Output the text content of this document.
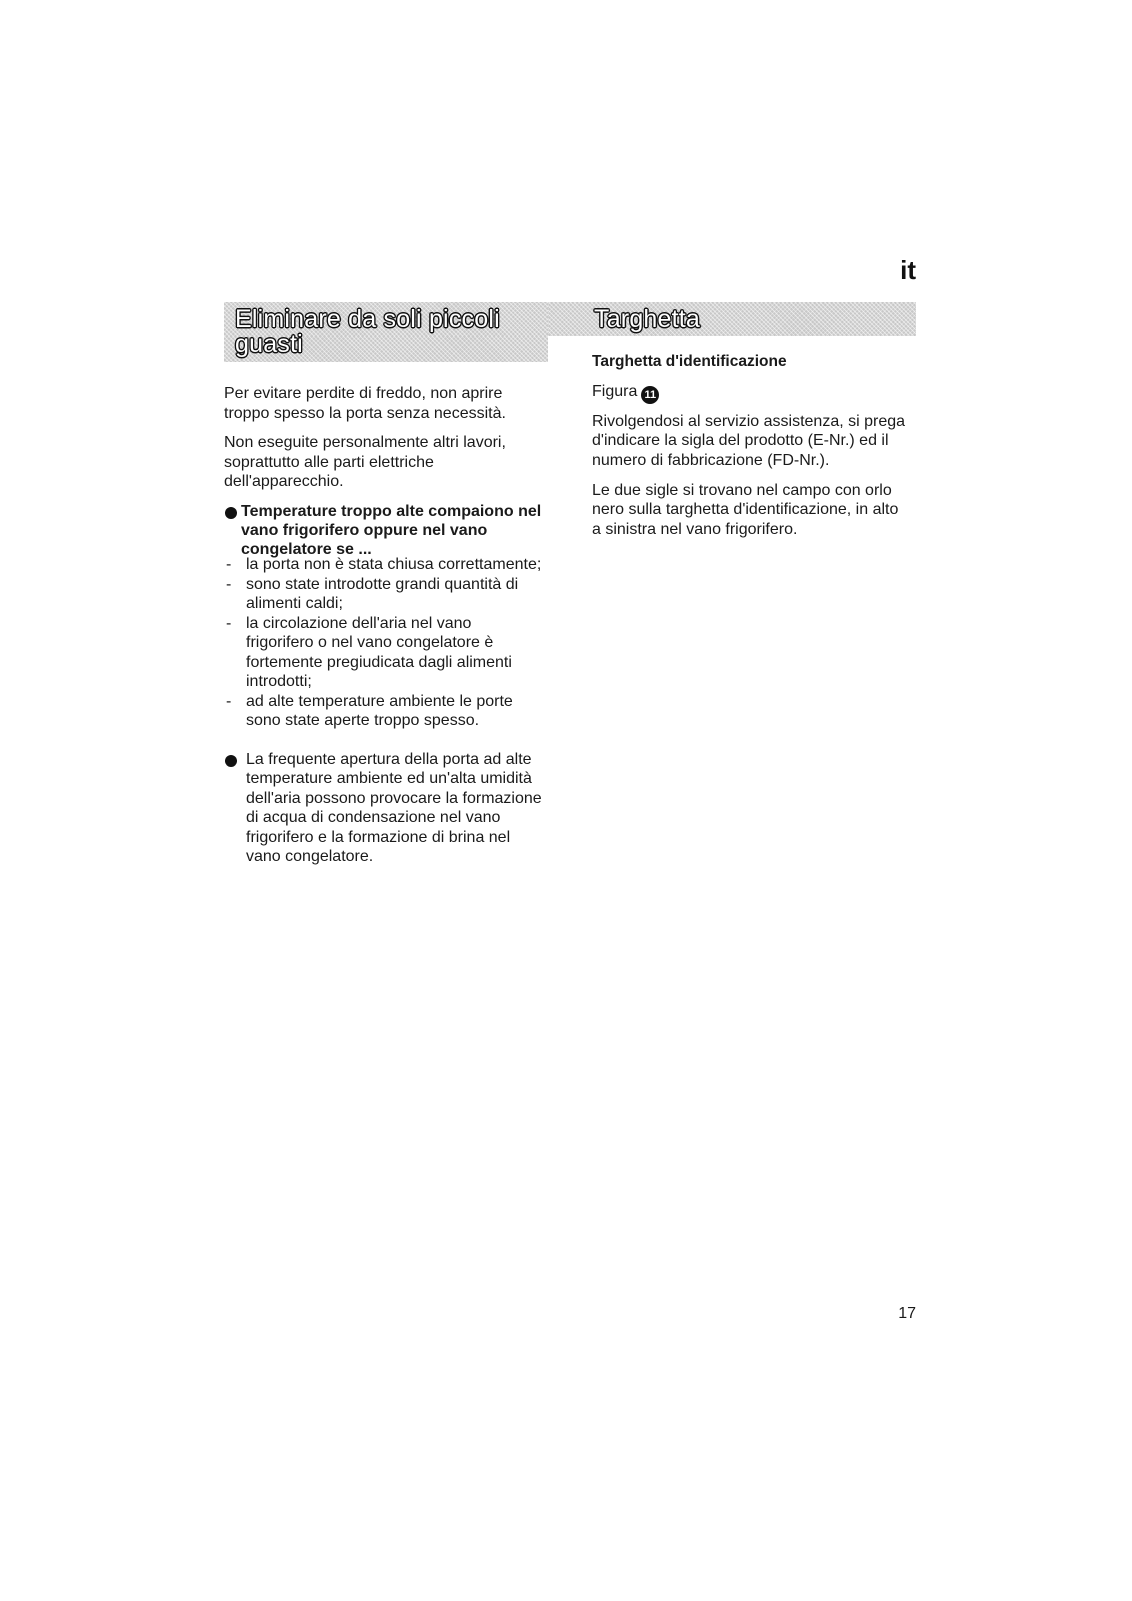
it
Eliminare da soli piccoli
guasti
Targhetta

Per evitare perdite di freddo, non aprire troppo spesso la porta senza necessità.

Non eseguite personalmente altri lavori, soprattutto alle parti elettriche dell'apparecchio.

Temperature troppo alte compaiono nel
vano frigorifero oppure nel vano
congelatore se ...
- la porta non è stata chiusa correttamente;
- sono state introdotte grandi quantità di
alimenti caldi;
- la circolazione dell'aria nel vano
frigorifero o nel vano congelatore è
fortemente pregiudicata dagli alimenti
introdotti;
- ad alte temperature ambiente le porte
sono state aperte troppo spesso.
La frequente apertura della porta ad alte
temperature ambiente ed un'alta umidità
dell'aria possono provocare la formazione
di acqua di condensazione nel vano
frigorifero e la formazione di brina nel
vano congelatore.
Targhetta d'identificazione
Figura 11
Rivolgendosi al servizio assistenza, si prega
d'indicare la sigla del prodotto (E-Nr.) ed il
numero di fabbricazione (FD-Nr.).
Le due sigle si trovano nel campo con orlo
nero sulla targhetta d'identificazione, in alto
a sinistra nel vano frigorifero.
17
